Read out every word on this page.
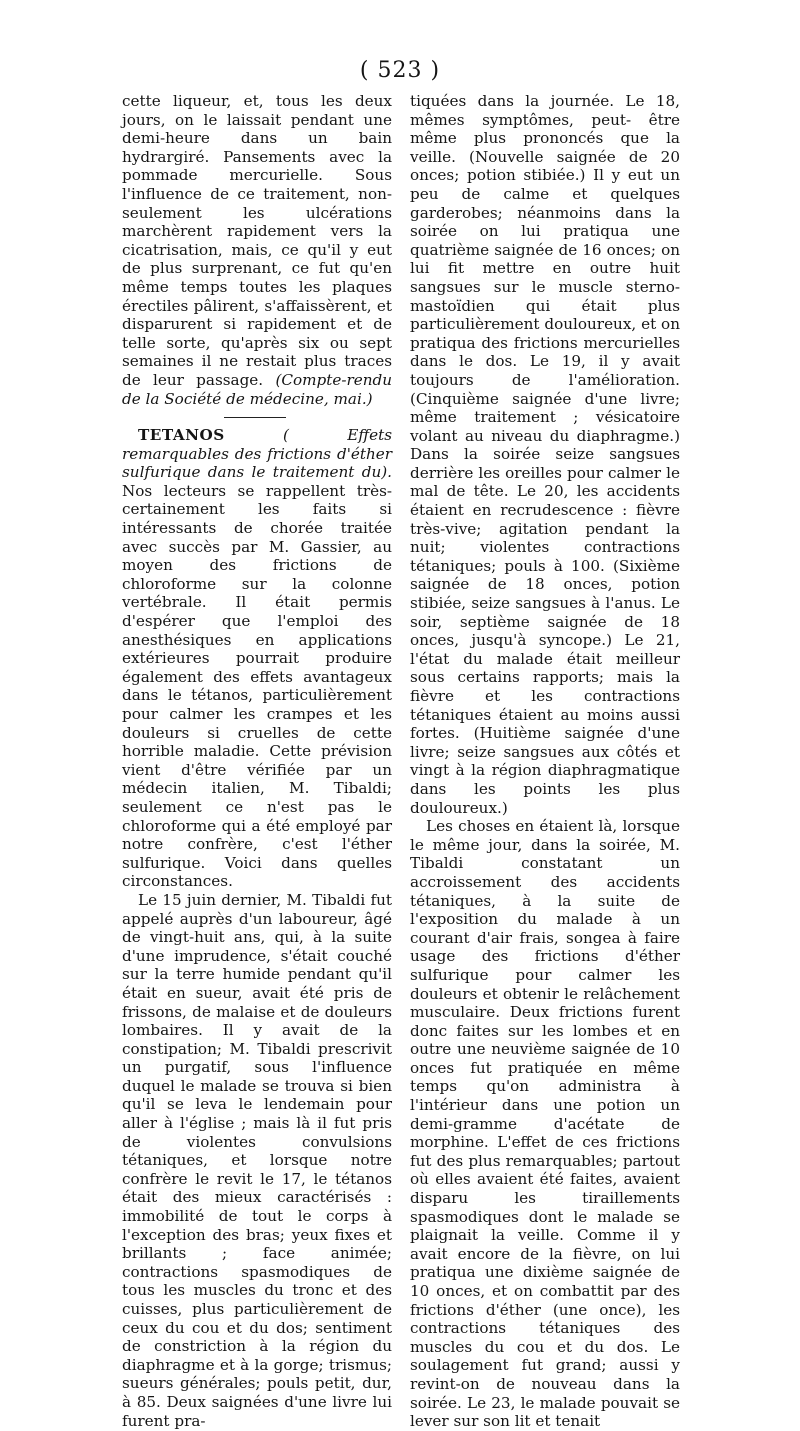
( 523 )

cette liqueur, et, tous les deux jours, on le laissait pendant une demi-heure dans un bain hydrargiré. Pansements avec la pommade mercurielle. Sous l'influence de ce traitement, non-seulement les ulcérations marchèrent rapidement vers la cicatrisation, mais, ce qu'il y eut de plus surprenant, ce fut qu'en même temps toutes les plaques érectiles pâlirent, s'affaissèrent, et disparurent si rapidement et de telle sorte, qu'après six ou sept semaines il ne restait plus traces de leur passage. (Compte-rendu de la Société de médecine, mai.)

TETANOS	( Effets remarquables des frictions d'éther sulfurique dans le traitement du). Nos lecteurs se rappellent très-certainement les faits si intéressants de chorée traitée avec succès par M. Gassier, au moyen des frictions de chloroforme sur la colonne vertébrale. Il était permis d'espérer que l'emploi des anesthésiques en applications extérieures pourrait produire également des effets avantageux dans le tétanos, particulièrement pour calmer les crampes et les douleurs si cruelles de cette horrible maladie. Cette prévision vient d'être vérifiée par un médecin italien, M. Tibaldi; seulement ce n'est pas le chloroforme qui a été employé par notre confrère, c'est l'éther sulfurique. Voici dans quelles circonstances.

Le 15 juin dernier, M. Tibaldi fut appelé auprès d'un laboureur, âgé de vingt-huit ans, qui, à la suite d'une imprudence, s'était couché sur la terre humide pendant qu'il était en sueur, avait été pris de frissons, de malaise et de douleurs lombaires. Il y avait de la constipation; M. Tibaldi prescrivit un purgatif, sous l'influence duquel le malade se trouva si bien qu'il se leva le lendemain pour aller à l'église ; mais là il fut pris de violentes convulsions tétaniques, et lorsque notre confrère le revit le 17, le tétanos était des mieux caractérisés : immobilité de tout le corps à l'exception des bras; yeux fixes et brillants ; face animée; contractions spasmodiques de tous les muscles du tronc et des cuisses, plus particulièrement de ceux du cou et du dos; sentiment de constriction à la région du diaphragme et à la gorge; trismus; sueurs générales; pouls petit, dur, à 85. Deux saignées d'une livre lui furent pra-

tiquées dans la journée. Le 18, mêmes symptômes, peut- être même plus prononcés que la veille. (Nouvelle saignée de 20 onces; potion stibiée.) Il y eut un peu de calme et quelques garderobes; néanmoins dans la soirée on lui pratiqua une quatrième saignée de 16 onces; on lui fit mettre en outre huit sangsues sur le muscle sterno-mastoïdien qui était plus particulièrement douloureux, et on pratiqua des frictions mercurielles dans le dos. Le 19, il y avait toujours de l'amélioration. (Cinquième saignée d'une livre; même traitement ; vésicatoire volant au niveau du diaphragme.) Dans la soirée seize sangsues derrière les oreilles pour calmer le mal de tête. Le 20, les accidents étaient en recrudescence : fièvre très-vive; agitation pendant la nuit; violentes contractions tétaniques; pouls à 100. (Sixième saignée de 18 onces, potion stibiée, seize sangsues à l'anus. Le soir, septième saignée de 18 onces, jusqu'à syncope.) Le 21, l'état du malade était meilleur sous certains rapports; mais la fièvre et les contractions tétaniques étaient au moins aussi fortes. (Huitième saignée d'une livre; seize sangsues aux côtés et vingt à la région diaphragmatique dans les points les plus douloureux.)

Les choses en étaient là, lorsque le même jour, dans la soirée, M. Tibaldi constatant un accroissement des accidents tétaniques, à la suite de l'exposition du malade à un courant d'air frais, songea à faire usage des frictions d'éther sulfurique pour calmer les douleurs et obtenir le relâchement musculaire. Deux frictions furent donc faites sur les lombes et en outre une neuvième saignée de 10 onces fut pratiquée en même temps qu'on administra à l'intérieur dans une potion un demi-gramme d'acétate de morphine. L'effet de ces frictions fut des plus remarquables; partout où elles avaient été faites, avaient disparu les tiraillements spasmodiques dont le malade se plaignait la veille. Comme il y avait encore de la fièvre, on lui pratiqua une dixième saignée de 10 onces, et on combattit par des frictions d'éther (une once), les contractions tétaniques des muscles du cou et du dos. Le soulagement fut grand; aussi y revint-on de nouveau dans la soirée. Le 23, le malade pouvait se lever sur son lit et tenait
